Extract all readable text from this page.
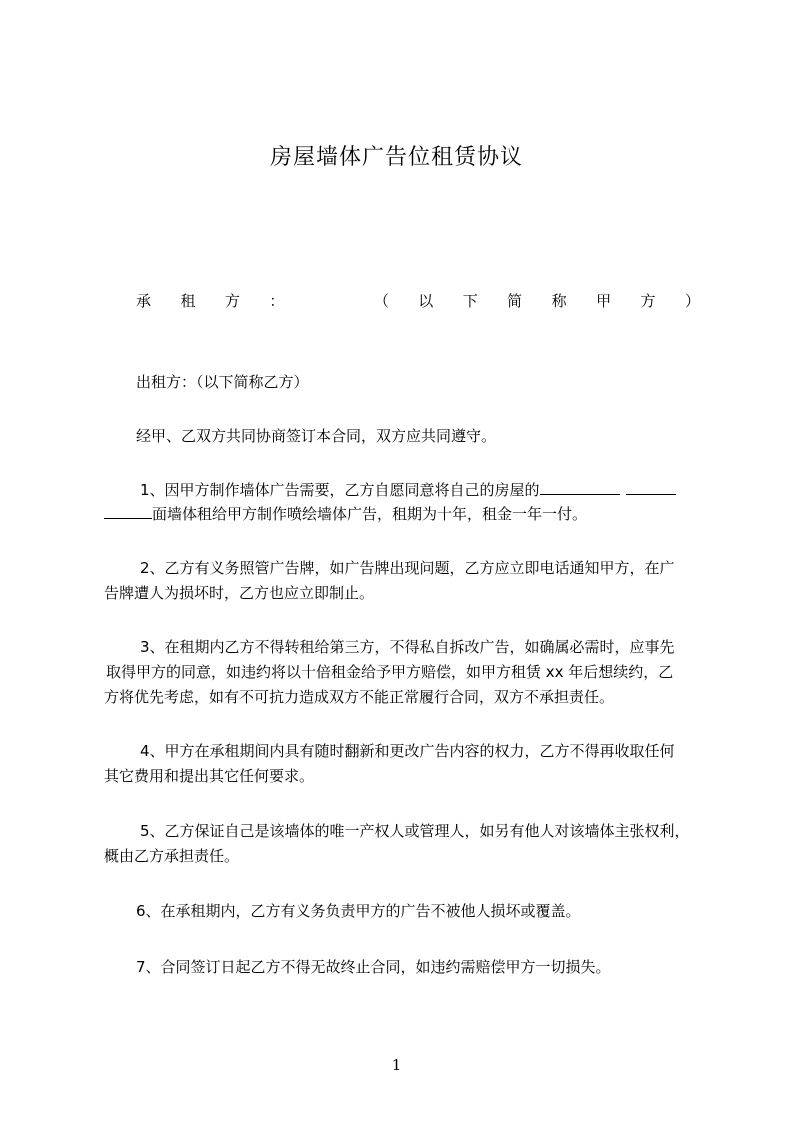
房屋墙体广告位租赁协议
承 租 方 ：	（ 以 下 简 称 甲 方 ）
出租方：（以下简称乙方）
经甲、乙双方共同协商签订本合同，双方应共同遵守。
1、因甲方制作墙体广告需要，乙方自愿同意将自己的房屋的
面墙体租给甲方制作喷绘墙体广告，租期为十年，租金一年一付。
2、乙方有义务照管广告牌，如广告牌出现问题，乙方应立即电话通知甲方，在广
告牌遭人为损坏时，乙方也应立即制止。
3、在租期内乙方不得转租给第三方，不得私自拆改广告，如确属必需时，应事先
取得甲方的同意，如违约将以十倍租金给予甲方赔偿，如甲方租赁 xx 年后想续约，乙
方将优先考虑，如有不可抗力造成双方不能正常履行合同，双方不承担责任。
4、甲方在承租期间内具有随时翻新和更改广告内容的权力，乙方不得再收取任何
其它费用和提出其它任何要求。
5、乙方保证自己是该墙体的唯一产权人或管理人，如另有他人对该墙体主张权利，
概由乙方承担责任。
6、在承租期内，乙方有义务负责甲方的广告不被他人损坏或覆盖。
7、合同签订日起乙方不得无故终止合同，如违约需赔偿甲方一切损失。
1
